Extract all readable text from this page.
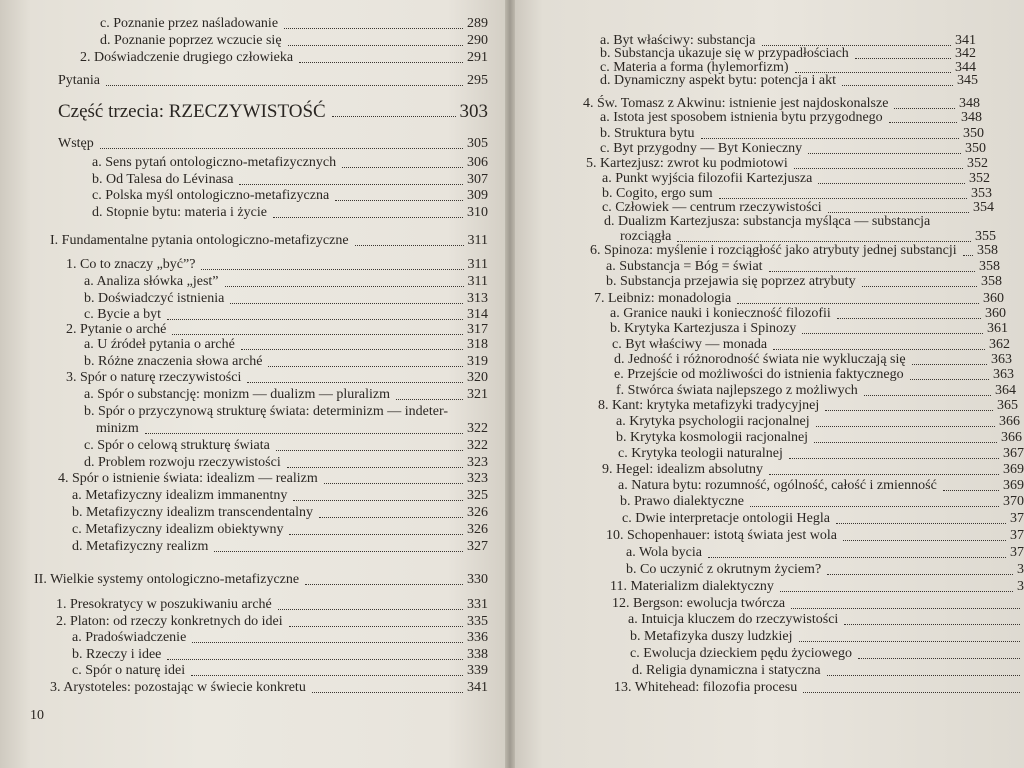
c. Poznanie przez naśladowanie	289
d. Poznanie poprzez wczucie się	290
2. Doświadczenie drugiego człowieka	291
Pytania	295
Część trzecia: RZECZYWISTOŚĆ	303
Wstęp	305
a. Sens pytań ontologiczno-metafizycznych	306
b. Od Talesa do Lévinasa	307
c. Polska myśl ontologiczno-metafizyczna	309
d. Stopnie bytu: materia i życie	310
I. Fundamentalne pytania ontologiczno-metafizyczne	311
1. Co to znaczy „być”?	311
a. Analiza słówka „jest”	311
b. Doświadczyć istnienia	313
c. Bycie a byt	314
2. Pytanie o arché	317
a. U źródeł pytania o arché	318
b. Różne znaczenia słowa arché	319
3. Spór o naturę rzeczywistości	320
a. Spór o substancję: monizm — dualizm — pluralizm	321
b. Spór o przyczynową strukturę świata: determinizm — indeter-
minizm	322
c. Spór o celową strukturę świata	322
d. Problem rozwoju rzeczywistości	323
4. Spór o istnienie świata: idealizm — realizm	323
a. Metafizyczny idealizm immanentny	325
b. Metafizyczny idealizm transcendentalny	326
c. Metafizyczny idealizm obiektywny	326
d. Metafizyczny realizm	327
II. Wielkie systemy ontologiczno-metafizyczne	330
1. Presokratycy w poszukiwaniu arché	331
2. Platon: od rzeczy konkretnych do idei	335
a. Pradoświadczenie	336
b. Rzeczy i idee	338
c. Spór o naturę idei	339
3. Arystoteles: pozostając w świecie konkretu	341
a. Byt właściwy: substancja	341
b. Substancja ukazuje się w przypadłościach	342
c. Materia a forma (hylemorfizm)	344
d. Dynamiczny aspekt bytu: potencja i akt	345
4. Św. Tomasz z Akwinu: istnienie jest najdoskonalsze	348
a. Istota jest sposobem istnienia bytu przygodnego	348
b. Struktura bytu	350
c. Byt przygodny — Byt Konieczny	350
5. Kartezjusz: zwrot ku podmiotowi	352
a. Punkt wyjścia filozofii Kartezjusza	352
b. Cogito, ergo sum	353
c. Człowiek — centrum rzeczywistości	354
d. Dualizm Kartezjusza: substancja myśląca — substancja
rozciągła	355
6. Spinoza: myślenie i rozciągłość jako atrybuty jednej substancji 358
a. Substancja = Bóg = świat	358
b. Substancja przejawia się poprzez atrybuty	358
7. Leibniz: monadologia	360
a. Granice nauki i konieczność filozofii	360
b. Krytyka Kartezjusza i Spinozy	361
c. Byt właściwy — monada	362
d. Jedność i różnorodność świata nie wykluczają się	363
e. Przejście od możliwości do istnienia faktycznego	363
f. Stwórca świata najlepszego z możliwych	364
8. Kant: krytyka metafizyki tradycyjnej	365
a. Krytyka psychologii racjonalnej	366
b. Krytyka kosmologii racjonalnej	366
c. Krytyka teologii naturalnej	367
9. Hegel: idealizm absolutny	369
a. Natura bytu: rozumność, ogólność, całość i zmienność	369
b. Prawo dialektyczne	370
c. Dwie interpretacje ontologii Hegla	37
10. Schopenhauer: istotą świata jest wola	37
a. Wola bycia	37
b. Co uczynić z okrutnym życiem?	3
11. Materializm dialektyczny	3
12. Bergson: ewolucja twórcza
a. Intuicja kluczem do rzeczywistości
b. Metafizyka duszy ludzkiej
c. Ewolucja dzieckiem pędu życiowego
d. Religia dynamiczna i statyczna
13. Whitehead: filozofia procesu
10
